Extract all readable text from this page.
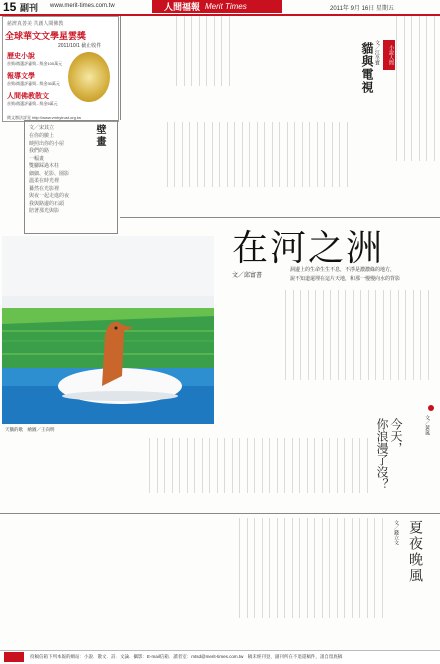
15 副刊 www.merit-times.com.tw	人間福報 Merit Times	2011年 9月 16日 星期五
慈濟真善美 共創人間佛教
全球華文文學星雲獎
2011/10/1 截止收件
歷史小說
首獎/徵選評審獎...獎金100萬元
報導文學
首獎/徵選評審獎...獎金30萬元
人間佛教散文
首獎/徵選評審獎...獎金5萬元
徵文辦法詳見 http://www.vmhytrust.org.tw

＿＿＿＿＿＿＿＿＿＿＿＿＿＿

＿＿＿＿＿＿＿＿＿＿＿＿＿＿

＿＿＿＿＿＿＿＿＿＿＿＿＿＿

＿＿＿＿＿＿＿＿＿＿＿＿＿＿

＿＿＿＿＿＿＿＿＿＿＿＿＿＿

＿＿＿＿＿＿＿＿＿＿＿＿＿＿

＿＿＿＿＿＿＿＿＿＿＿＿＿＿

＿＿＿＿＿＿＿＿＿＿＿＿＿＿

文／宋其立	壁畫
在你的臉上
映照出你的小屋
我們的路
一幅畫
雙腳踩過木柱
細細、花影、園影
溫柔在時光裡
驀然在光影裡
與夜一起走進的夜
我與路邊的石頭
陪著那光與影

＿＿＿＿＿＿＿＿＿＿＿＿＿

＿＿＿＿＿＿＿＿＿＿＿＿＿

＿＿＿＿＿＿＿＿＿＿＿＿＿

＿＿＿＿＿＿＿＿＿＿＿＿＿

＿＿＿＿＿＿＿＿＿＿＿＿＿

＿＿＿＿＿＿＿＿＿＿＿＿＿

＿＿＿＿＿＿＿＿＿＿＿＿＿

＿＿＿＿＿＿＿＿＿＿＿＿＿

＿＿＿＿＿＿＿＿＿＿＿＿＿

＿＿＿＿＿＿＿＿＿＿＿＿＿

＿＿＿＿＿＿＿＿＿＿＿＿＿

＿＿＿＿＿＿＿＿＿＿＿＿＿

＿＿＿＿＿＿＿＿＿＿＿＿＿

＿＿＿＿＿＿＿＿＿＿＿＿＿

＿＿＿＿＿＿＿＿＿＿＿＿＿

＿＿＿＿＿＿＿＿＿＿＿＿＿

＿＿＿＿＿＿＿＿＿＿＿＿＿

＿＿＿＿＿＿＿＿＿＿＿＿＿

＿＿＿＿＿＿＿＿＿＿＿＿＿

＿＿＿＿＿＿＿＿＿＿＿＿＿

＿＿＿＿＿＿＿＿＿＿＿＿＿

＿＿＿＿＿＿＿＿＿＿＿＿＿

＿＿＿＿＿＿＿＿＿＿＿＿＿

＿＿＿＿＿＿＿＿＿＿＿＿＿

＿＿＿＿＿＿＿＿＿＿＿＿＿

小說人間
文／江冬寶
貓與電視	＿＿＿＿＿＿＿＿＿＿＿＿＿＿＿＿＿＿＿＿＿＿＿＿＿＿＿＿＿

＿＿＿＿＿＿＿＿＿＿＿＿＿＿＿＿＿＿＿＿＿＿＿＿＿＿＿＿＿

＿＿＿＿＿＿＿＿＿＿＿＿＿＿＿＿＿＿＿＿＿＿＿＿＿＿＿＿＿

＿＿＿＿＿＿＿＿＿＿＿＿＿＿＿＿＿＿＿＿＿＿＿＿＿＿＿＿＿

＿＿＿＿＿＿＿＿＿＿＿＿＿＿＿＿＿＿＿＿＿＿＿＿＿＿＿＿＿

＿＿＿＿＿＿＿＿＿＿＿＿＿＿＿＿＿＿＿＿＿＿＿＿＿＿＿＿＿

天鵝的歌　繪圖／王向明
在河之洲
文／邱富書
洞邊上的生命生生不息，不淨是濃濃綠的地方，
說不知道還埋在這片天地，和那一慢慢向水的背影

＿＿＿＿＿＿＿＿＿＿＿＿＿＿＿＿＿＿

＿＿＿＿＿＿＿＿＿＿＿＿＿＿＿＿＿＿

＿＿＿＿＿＿＿＿＿＿＿＿＿＿＿＿＿＿

＿＿＿＿＿＿＿＿＿＿＿＿＿＿＿＿＿＿

＿＿＿＿＿＿＿＿＿＿＿＿＿＿＿＿＿＿

＿＿＿＿＿＿＿＿＿＿＿＿＿＿＿＿＿＿

＿＿＿＿＿＿＿＿＿＿＿＿＿＿＿＿＿＿

＿＿＿＿＿＿＿＿＿＿＿＿＿＿＿＿＿＿

＿＿＿＿＿＿＿＿＿＿＿＿＿＿＿＿＿＿

＿＿＿＿＿＿＿＿＿＿＿＿＿＿＿＿＿＿

＿＿＿＿＿＿＿＿＿＿＿＿＿＿＿＿＿＿

＿＿＿＿＿＿＿＿＿＿＿＿＿＿＿＿＿＿

＿＿＿＿＿＿＿＿＿＿＿＿＿＿＿＿＿＿

＿＿＿＿＿＿＿＿＿＿＿＿＿＿＿＿＿＿

＿＿＿＿＿＿＿＿＿＿＿＿＿＿＿＿＿＿

＿＿＿＿＿＿＿＿＿＿＿＿＿＿＿＿＿＿

＿＿＿＿＿＿＿＿＿＿＿＿＿＿＿＿＿＿

＿＿＿＿＿＿＿＿＿＿＿＿＿＿＿＿＿＿

＿＿＿＿＿＿＿＿＿＿＿＿＿＿＿＿＿＿

＿＿＿＿＿＿＿＿＿＿＿＿＿＿＿＿＿＿

文／黃嵐
今天，
你浪漫了沒？

＿＿＿＿＿＿＿＿＿＿＿

＿＿＿＿＿＿＿＿＿＿＿

＿＿＿＿＿＿＿＿＿＿＿

＿＿＿＿＿＿＿＿＿＿＿

＿＿＿＿＿＿＿＿＿＿＿

＿＿＿＿＿＿＿＿＿＿＿

＿＿＿＿＿＿＿＿＿＿＿

＿＿＿＿＿＿＿＿＿＿＿

＿＿＿＿＿＿＿＿＿＿＿

＿＿＿＿＿＿＿＿＿＿＿

＿＿＿＿＿＿＿＿＿＿＿

＿＿＿＿＿＿＿＿＿＿＿

＿＿＿＿＿＿＿＿＿＿＿

＿＿＿＿＿＿＿＿＿＿＿

＿＿＿＿＿＿＿＿＿＿＿

＿＿＿＿＿＿＿＿＿＿＿

＿＿＿＿＿＿＿＿＿＿＿

＿＿＿＿＿＿＿＿＿＿＿

＿＿＿＿＿＿＿＿＿＿＿

＿＿＿＿＿＿＿＿＿＿＿

＿＿＿＿＿＿＿＿＿＿＿

＿＿＿＿＿＿＿＿＿＿＿

＿＿＿＿＿＿＿＿＿＿＿

＿＿＿＿＿＿＿＿＿＿＿

＿＿＿＿＿＿＿＿＿＿＿

＿＿＿＿＿＿＿＿＿＿＿

＿＿＿＿＿＿＿＿＿＿＿

＿＿＿＿＿＿＿＿＿＿＿

＿＿＿＿＿＿＿＿＿＿＿

＿＿＿＿＿＿＿＿＿＿＿

夏夜晚風
文／錢立文

＿＿＿＿＿＿＿＿＿＿＿＿＿＿＿＿＿＿＿＿

＿＿＿＿＿＿＿＿＿＿＿＿＿＿＿＿＿＿＿＿

＿＿＿＿＿＿＿＿＿＿＿＿＿＿＿＿＿＿＿＿

＿＿＿＿＿＿＿＿＿＿＿＿＿＿＿＿＿＿＿＿

＿＿＿＿＿＿＿＿＿＿＿＿＿＿＿＿＿＿＿＿

＿＿＿＿＿＿＿＿＿＿＿＿＿＿＿＿＿＿＿＿

＿＿＿＿＿＿＿＿＿＿＿＿＿＿＿＿＿＿＿＿

＿＿＿＿＿＿＿＿＿＿＿＿＿＿＿＿＿＿＿＿

＿＿＿＿＿＿＿＿＿＿＿＿＿＿＿＿＿＿＿＿

＿＿＿＿＿＿＿＿＿＿＿＿＿＿＿＿＿＿＿＿

＿＿＿＿＿＿＿＿＿＿＿＿＿＿＿＿＿＿＿＿

＿＿＿＿＿＿＿＿＿＿＿＿＿＿＿＿＿＿＿＿

＿＿＿＿＿＿＿＿＿＿＿＿＿＿＿＿＿＿＿＿

＿＿＿＿＿＿＿＿＿＿＿＿＿＿＿＿＿＿＿＿

＿＿＿＿＿＿＿＿＿＿＿＿＿＿＿＿＿＿＿＿

＿＿＿＿＿＿＿＿＿＿＿＿＿＿＿＿＿＿＿＿

＿＿＿＿＿＿＿＿＿＿＿＿＿＿＿＿＿＿＿＿

＿＿＿＿＿＿＿＿＿＿＿＿＿＿＿＿＿＿＿＿

＿＿＿＿＿＿＿＿＿＿＿＿＿＿＿＿＿＿＿＿

＿＿＿＿＿＿＿＿＿＿＿＿＿＿＿＿＿＿＿＿

投稿信箱下列本報的網站：小說．散文．詩．文論．攝影：E-mail信箱．讀者室：mtsd@merit-times.com.tw　稿未經刊登，副刊所在不退還稿件，請自留底稿
